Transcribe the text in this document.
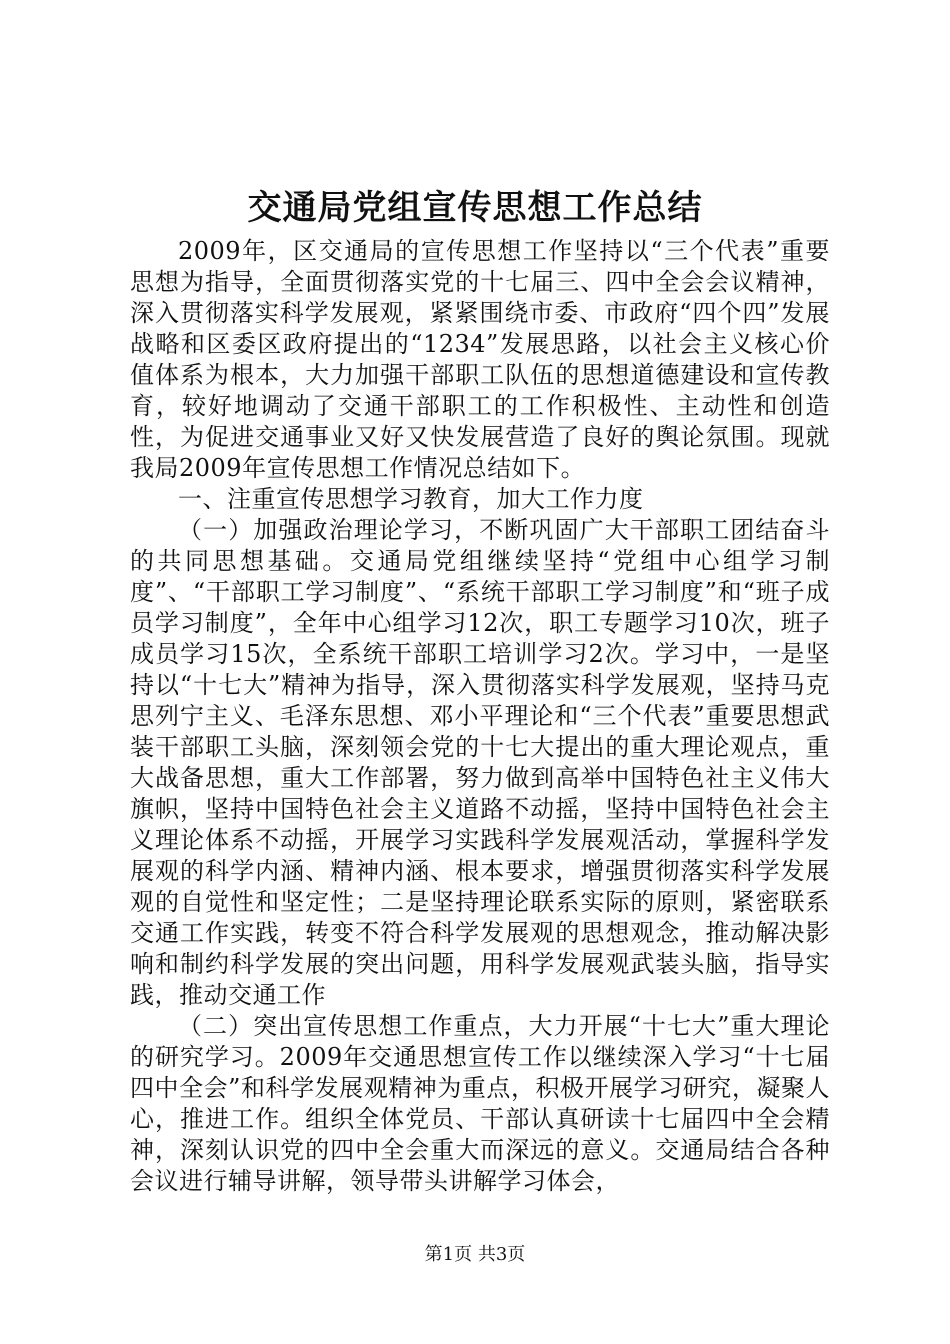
交通局党组宣传思想工作总结

2009年，区交通局的宣传思想工作坚持以“三个代表”重要思想为指导，全面贯彻落实党的十七届三、四中全会会议精神，深入贯彻落实科学发展观，紧紧围绕市委、市政府“四个四”发展战略和区委区政府提出的“1234”发展思路，以社会主义核心价值体系为根本，大力加强干部职工队伍的思想道德建设和宣传教育，较好地调动了交通干部职工的工作积极性、主动性和创造性，为促进交通事业又好又快发展营造了良好的舆论氛围。现就我局2009年宣传思想工作情况总结如下。

一、注重宣传思想学习教育，加大工作力度

（一）加强政治理论学习，不断巩固广大干部职工团结奋斗的共同思想基础。交通局党组继续坚持“党组中心组学习制度”、“干部职工学习制度”、“系统干部职工学习制度”和“班子成员学习制度”，全年中心组学习12次，职工专题学习10次，班子成员学习15次，全系统干部职工培训学习2次。学习中，一是坚持以“十七大”精神为指导，深入贯彻落实科学发展观，坚持马克思列宁主义、毛泽东思想、邓小平理论和“三个代表”重要思想武装干部职工头脑，深刻领会党的十七大提出的重大理论观点，重大战备思想，重大工作部署，努力做到高举中国特色社主义伟大旗帜，坚持中国特色社会主义道路不动摇，坚持中国特色社会主义理论体系不动摇，开展学习实践科学发展观活动，掌握科学发展观的科学内涵、精神内涵、根本要求，增强贯彻落实科学发展观的自觉性和坚定性；二是坚持理论联系实际的原则，紧密联系交通工作实践，转变不符合科学发展观的思想观念，推动解决影响和制约科学发展的突出问题，用科学发展观武装头脑，指导实践，推动交通工作

（二）突出宣传思想工作重点，大力开展“十七大”重大理论的研究学习。2009年交通思想宣传工作以继续深入学习“十七届四中全会”和科学发展观精神为重点，积极开展学习研究，凝聚人心，推进工作。组织全体党员、干部认真研读十七届四中全会精神，深刻认识党的四中全会重大而深远的意义。交通局结合各种会议进行辅导讲解，领导带头讲解学习体会，

第1页 共3页
